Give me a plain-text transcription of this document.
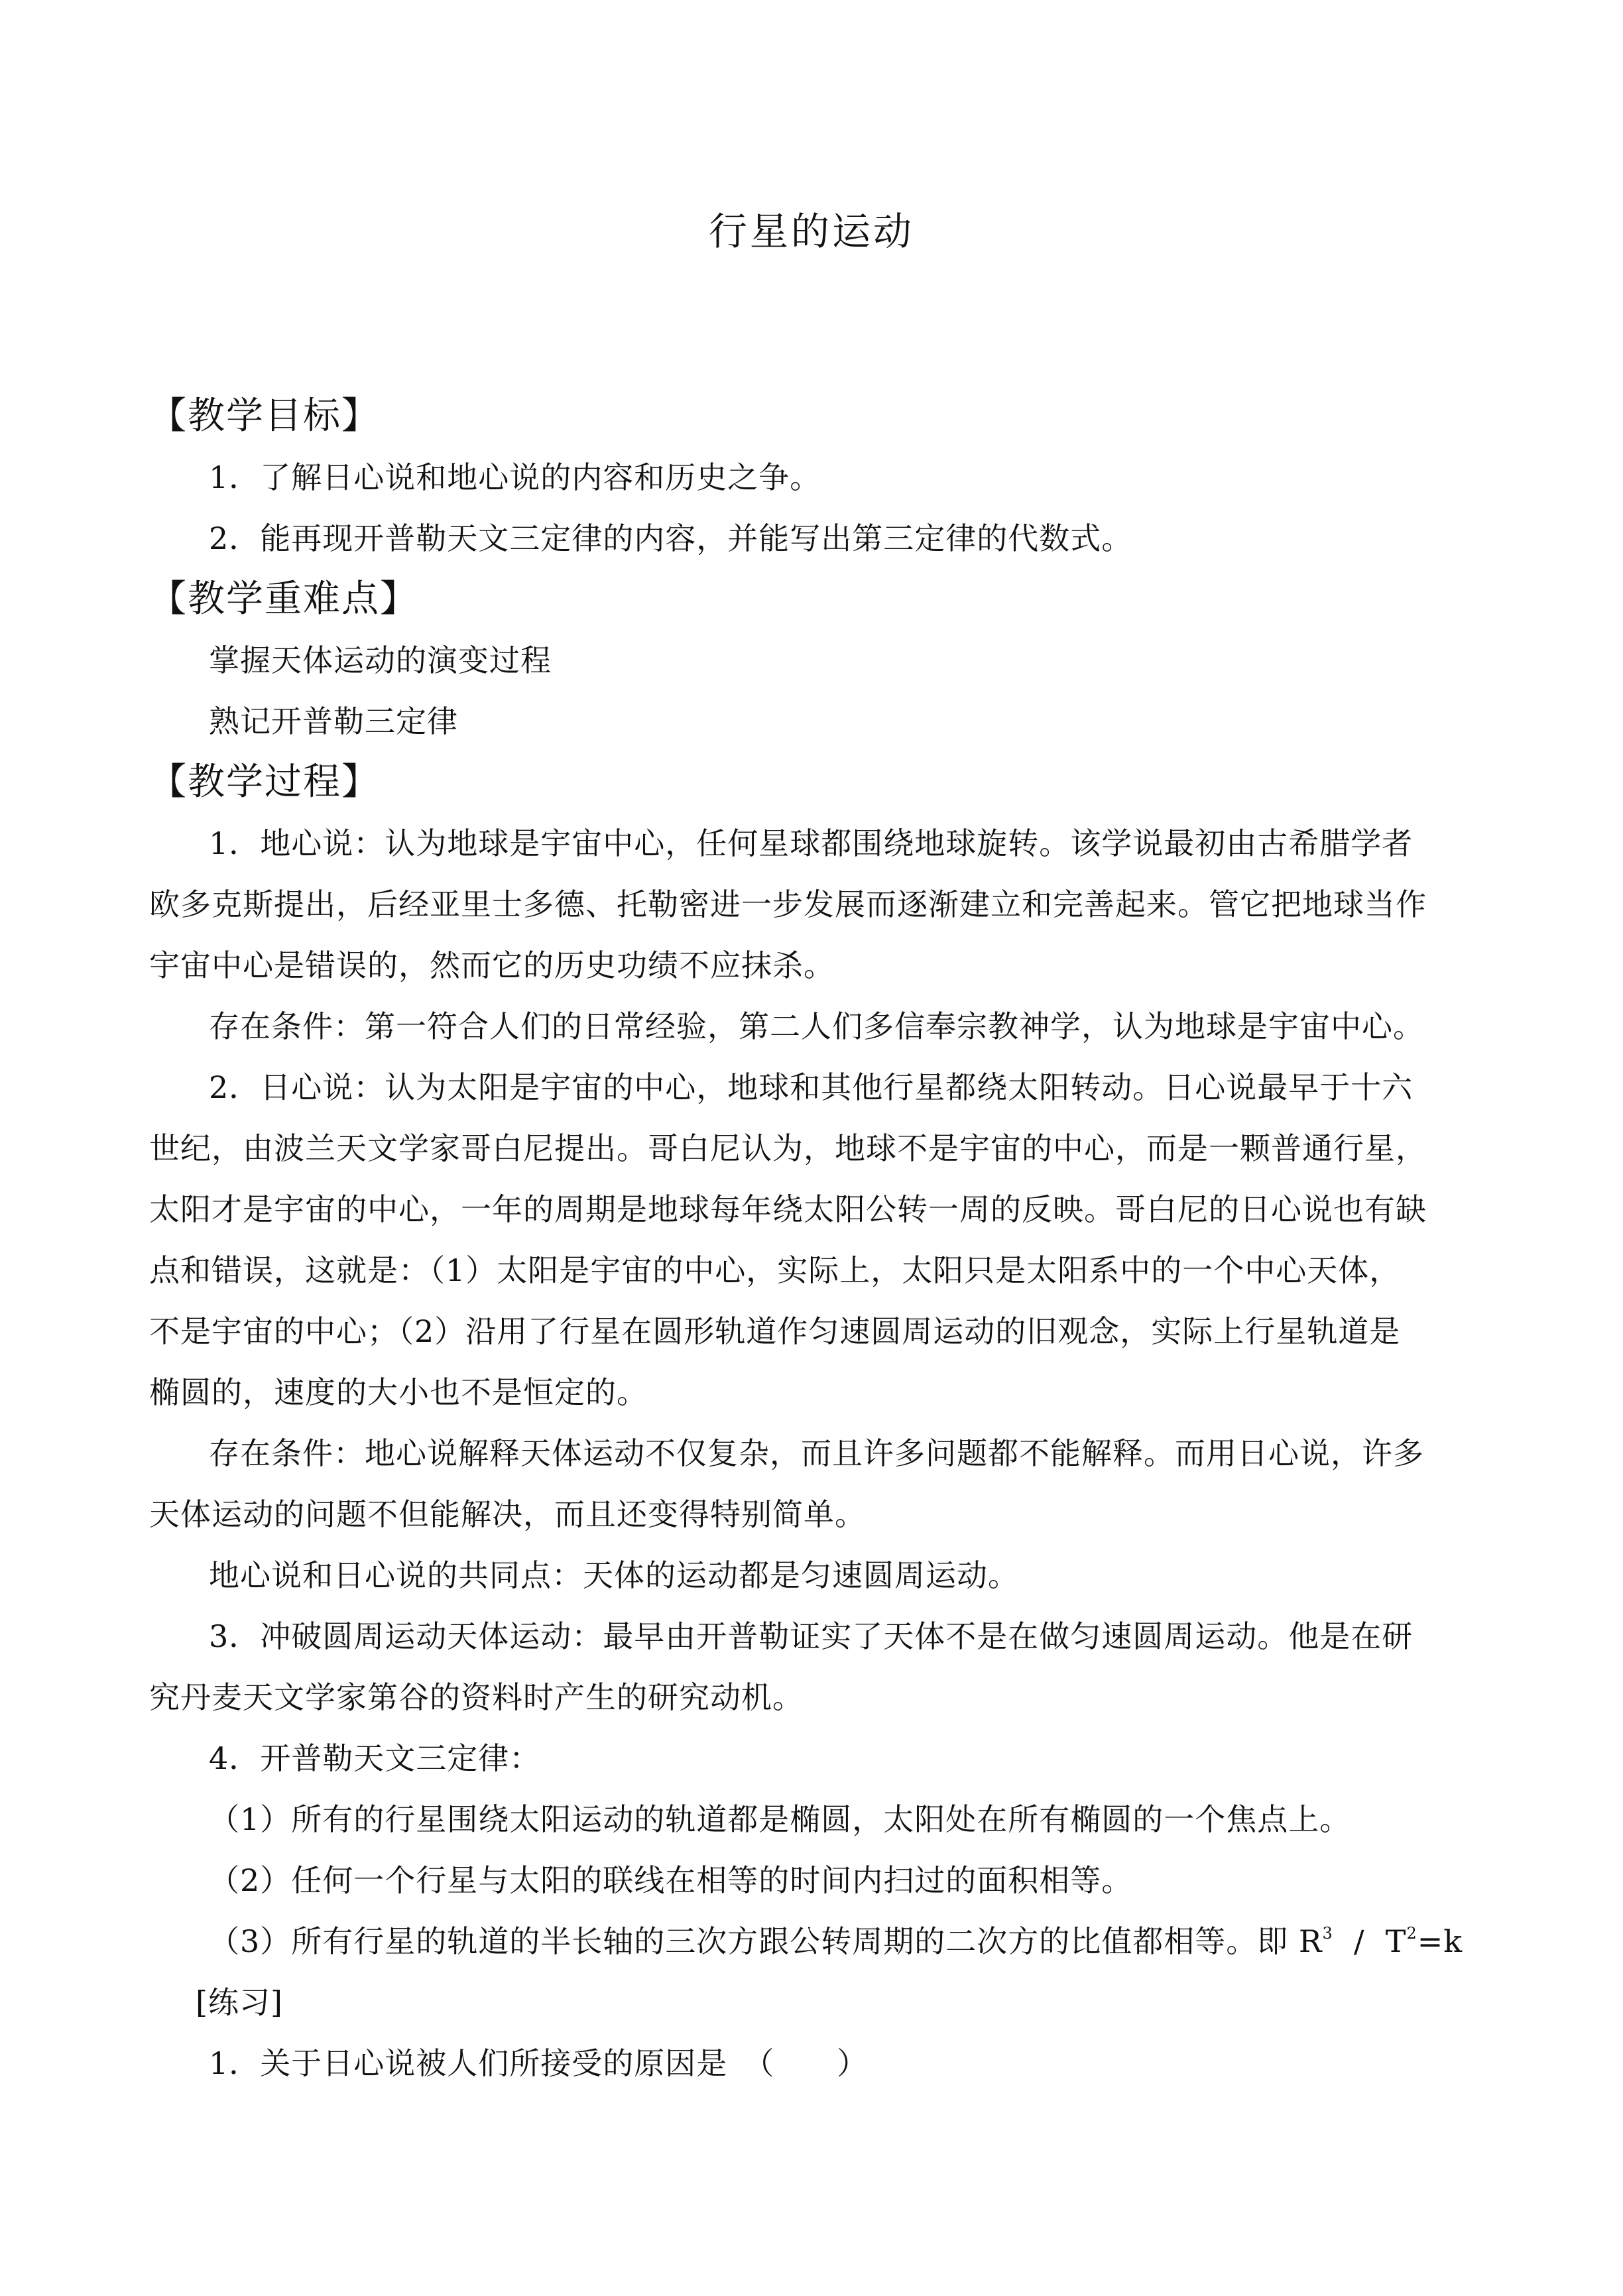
行星的运动
【教学目标】
1．了解日心说和地心说的内容和历史之争。
2．能再现开普勒天文三定律的内容，并能写出第三定律的代数式。
【教学重难点】
掌握天体运动的演变过程
熟记开普勒三定律
【教学过程】
1．地心说：认为地球是宇宙中心，任何星球都围绕地球旋转。该学说最初由古希腊学者
欧多克斯提出，后经亚里士多德、托勒密进一步发展而逐渐建立和完善起来。管它把地球当作
宇宙中心是错误的，然而它的历史功绩不应抹杀。
存在条件：第一符合人们的日常经验，第二人们多信奉宗教神学，认为地球是宇宙中心。
2．日心说：认为太阳是宇宙的中心，地球和其他行星都绕太阳转动。日心说最早于十六
世纪，由波兰天文学家哥白尼提出。哥白尼认为，地球不是宇宙的中心，而是一颗普通行星，
太阳才是宇宙的中心，一年的周期是地球每年绕太阳公转一周的反映。哥白尼的日心说也有缺
点和错误，这就是：（1）太阳是宇宙的中心，实际上，太阳只是太阳系中的一个中心天体，
不是宇宙的中心；（2）沿用了行星在圆形轨道作匀速圆周运动的旧观念，实际上行星轨道是
椭圆的，速度的大小也不是恒定的。
存在条件：地心说解释天体运动不仅复杂，而且许多问题都不能解释。而用日心说，许多
天体运动的问题不但能解决，而且还变得特别简单。
地心说和日心说的共同点：天体的运动都是匀速圆周运动。
3．冲破圆周运动天体运动：最早由开普勒证实了天体不是在做匀速圆周运动。他是在研
究丹麦天文学家第谷的资料时产生的研究动机。
4．开普勒天文三定律：
（1）所有的行星围绕太阳运动的轨道都是椭圆，太阳处在所有椭圆的一个焦点上。
（2）任何一个行星与太阳的联线在相等的时间内扫过的面积相等。
（3）所有行星的轨道的半长轴的三次方跟公转周期的二次方的比值都相等。即 $R^3 / T^2=k$
[练习]
1．关于日心说被人们所接受的原因是　（　　）
